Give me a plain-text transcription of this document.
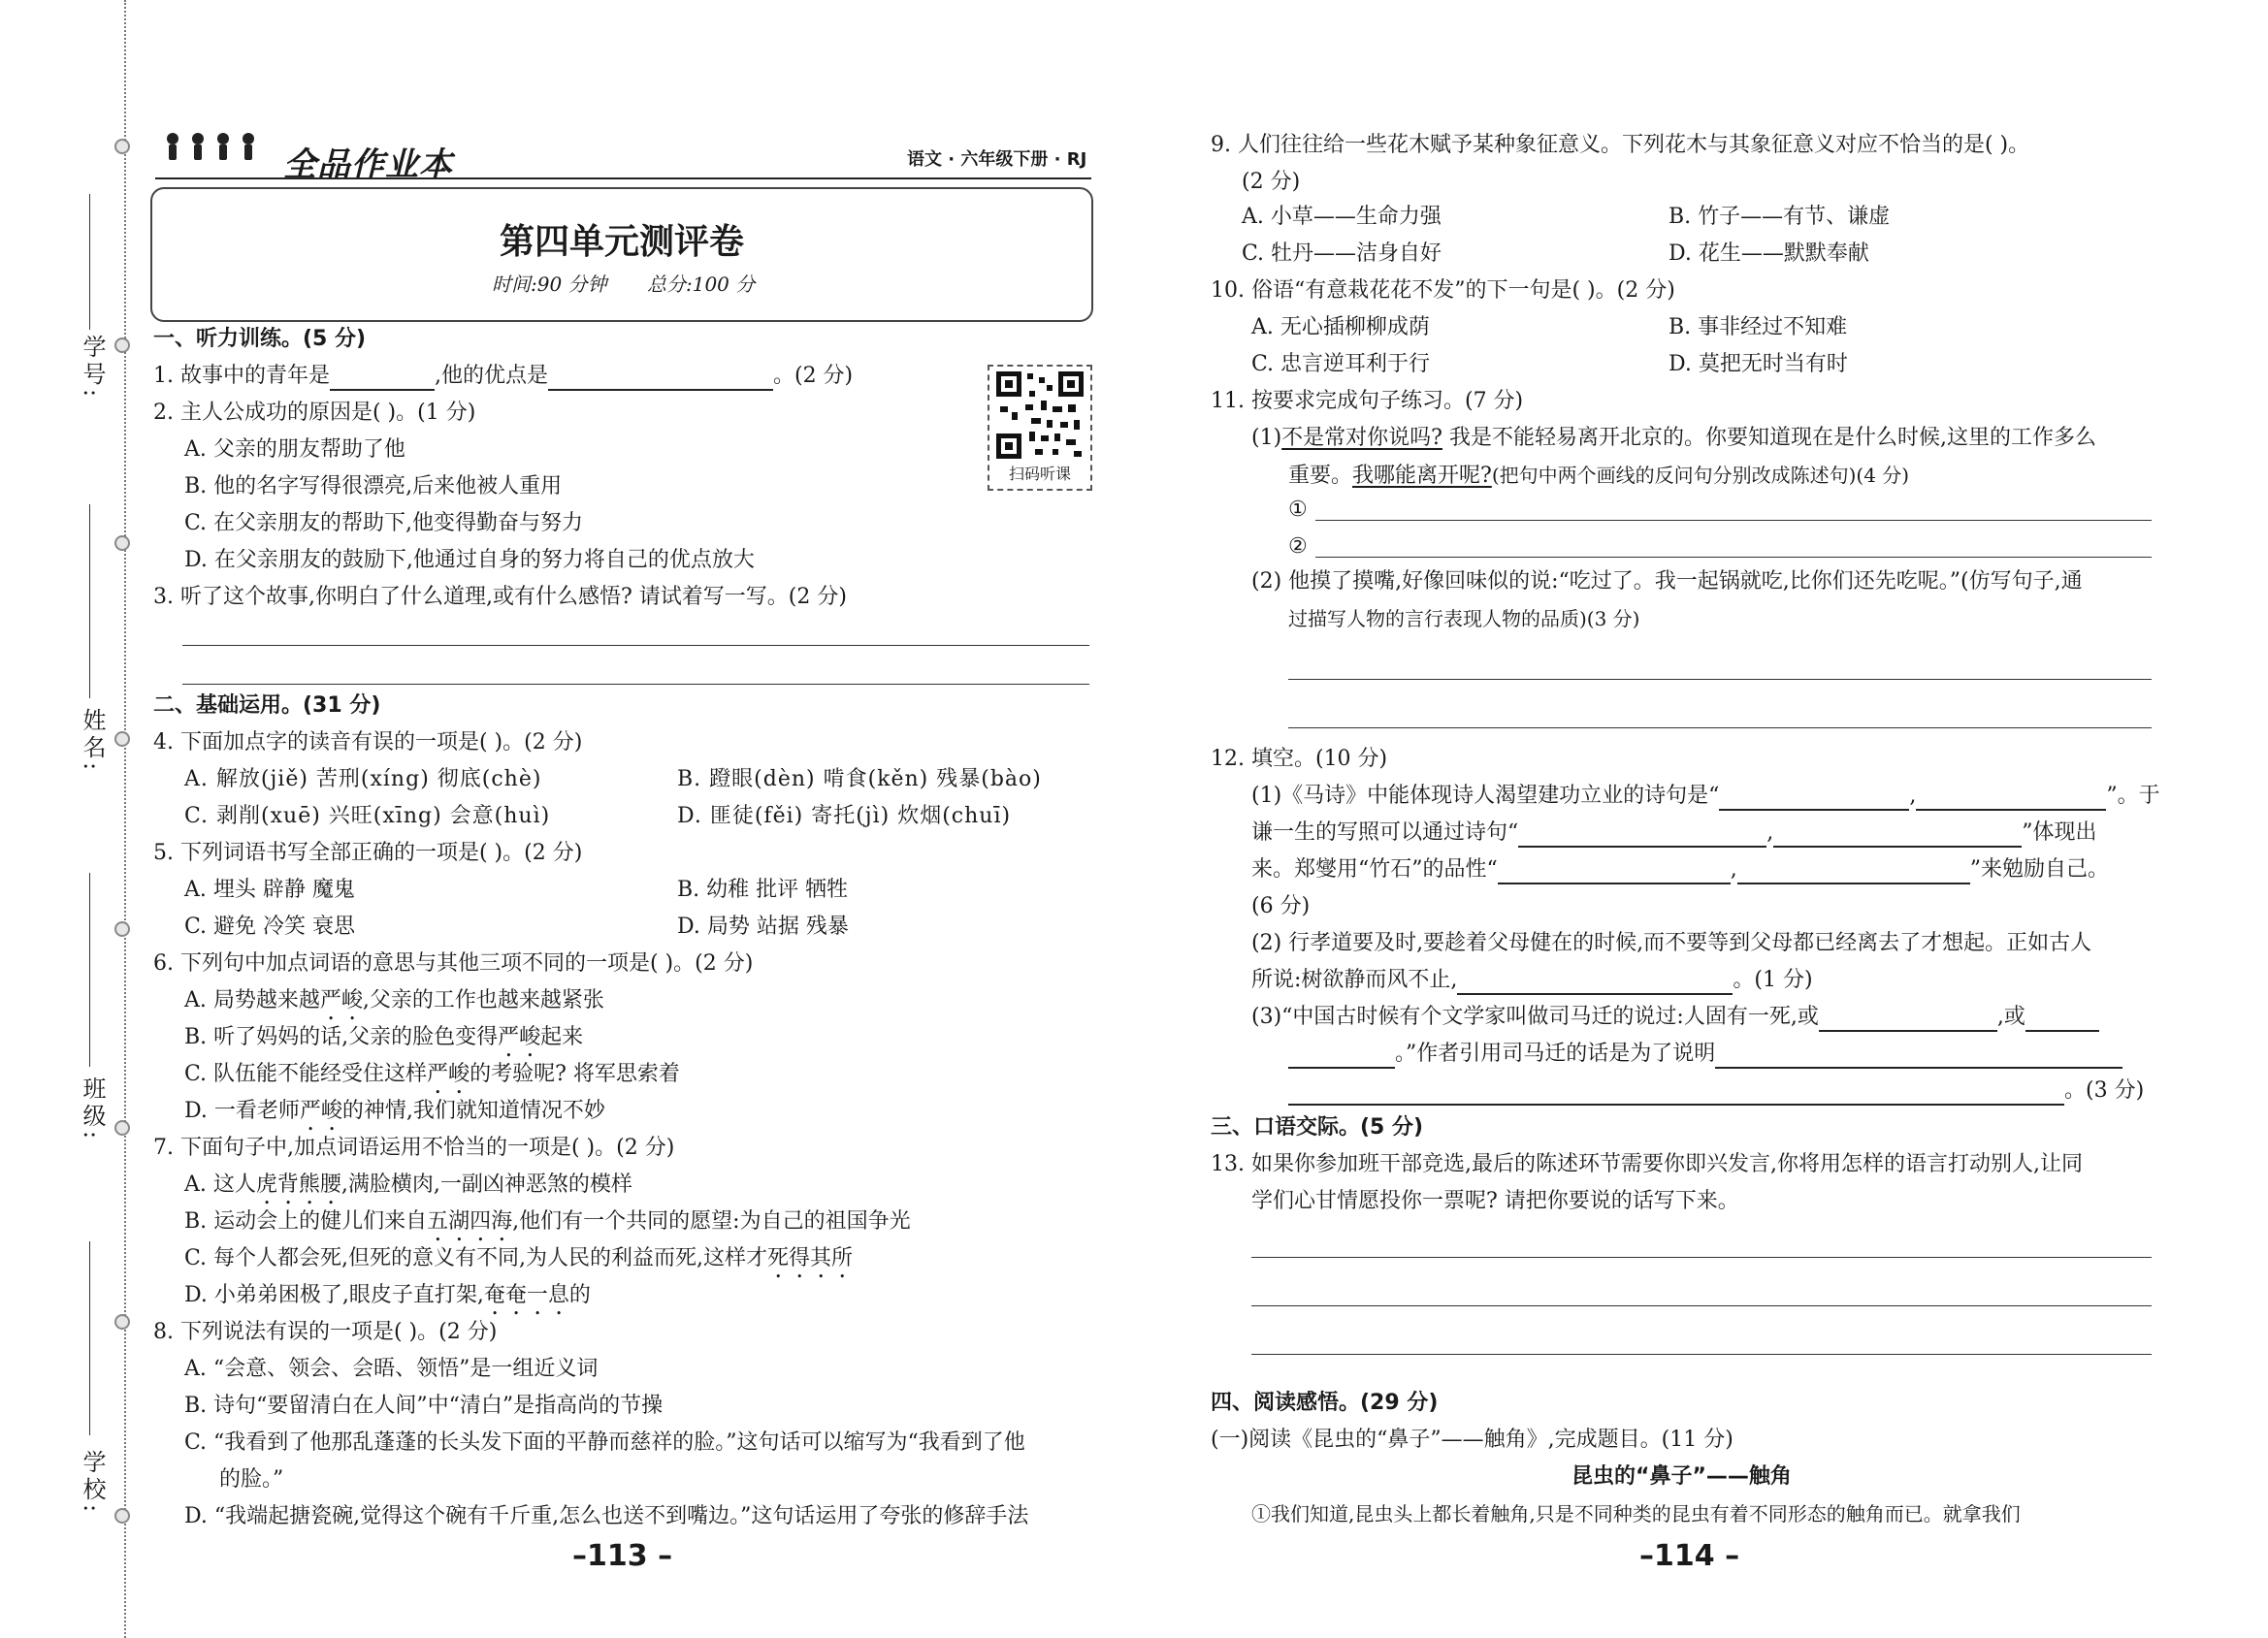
学号:
姓名:
班级:
学校:
全品作业本	语文 · 六年级下册 · RJ
第四单元测评卷
时间:90 分钟 总分:100 分
扫码听课
一、听力训练。(5 分)
1. 故事中的青年是	,他的优点是	。(2 分)
2. 主人公成功的原因是( )。(1 分)
A. 父亲的朋友帮助了他
B. 他的名字写得很漂亮,后来他被人重用
C. 在父亲朋友的帮助下,他变得勤奋与努力
D. 在父亲朋友的鼓励下,他通过自身的努力将自己的优点放大
3. 听了这个故事,你明白了什么道理,或有什么感悟? 请试着写一写。(2 分)
二、基础运用。(31 分)
4. 下面加点字的读音有误的一项是( )。(2 分)
A. 解放(jiě) 苦刑(xíng) 彻底(chè)	B. 蹬眼(dèn) 啃食(kěn) 残暴(bào)
C. 剥削(xuē) 兴旺(xīng) 会意(huì)	D. 匪徒(fěi) 寄托(jì) 炊烟(chuī)
5. 下列词语书写全部正确的一项是( )。(2 分)
A. 埋头 辟静 魔鬼	B. 幼稚 批评 牺牲
C. 避免 冷笑 衰思	D. 局势 站据 残暴
6. 下列句中加点词语的意思与其他三项不同的一项是( )。(2 分)
A. 局势越来越严峻,父亲的工作也越来越紧张
B. 听了妈妈的话,父亲的脸色变得严峻起来
C. 队伍能不能经受住这样严峻的考验呢? 将军思索着
D. 一看老师严峻的神情,我们就知道情况不妙
7. 下面句子中,加点词语运用不恰当的一项是( )。(2 分)
A. 这人虎背熊腰,满脸横肉,一副凶神恶煞的模样
B. 运动会上的健儿们来自五湖四海,他们有一个共同的愿望:为自己的祖国争光
C. 每个人都会死,但死的意义有不同,为人民的利益而死,这样才死得其所
D. 小弟弟困极了,眼皮子直打架,奄奄一息的
8. 下列说法有误的一项是( )。(2 分)
A. “会意、领会、会晤、领悟”是一组近义词
B. 诗句“要留清白在人间”中“清白”是指高尚的节操
C. “我看到了他那乱蓬蓬的长头发下面的平静而慈祥的脸。”这句话可以缩写为“我看到了他
的脸。”
D. “我端起搪瓷碗,觉得这个碗有千斤重,怎么也送不到嘴边。”这句话运用了夸张的修辞手法
–113 –
9. 人们往往给一些花木赋予某种象征意义。下列花木与其象征意义对应不恰当的是( )。
(2 分)
A. 小草——生命力强	B. 竹子——有节、谦虚
C. 牡丹——洁身自好	D. 花生——默默奉献
10. 俗语“有意栽花花不发”的下一句是( )。(2 分)
A. 无心插柳柳成荫	B. 事非经过不知难
C. 忠言逆耳利于行	D. 莫把无时当有时
11. 按要求完成句子练习。(7 分)
(1)不是常对你说吗? 我是不能轻易离开北京的。你要知道现在是什么时候,这里的工作多么
重要。我哪能离开呢?(把句中两个画线的反问句分别改成陈述句)(4 分)
①
②
(2) 他摸了摸嘴,好像回味似的说:“吃过了。我一起锅就吃,比你们还先吃呢。”(仿写句子,通
过描写人物的言行表现人物的品质)(3 分)
12. 填空。(10 分)
(1)《马诗》中能体现诗人渴望建功立业的诗句是“	,	”。于
谦一生的写照可以通过诗句“	,	”体现出
来。郑燮用“竹石”的品性“	,	”来勉励自己。
(6 分)
(2) 行孝道要及时,要趁着父母健在的时候,而不要等到父母都已经离去了才想起。正如古人
所说:树欲静而风不止,	。(1 分)
(3)“中国古时候有个文学家叫做司马迁的说过:人固有一死,或	,或
。”作者引用司马迁的话是为了说明
。(3 分)
三、口语交际。(5 分)
13. 如果你参加班干部竞选,最后的陈述环节需要你即兴发言,你将用怎样的语言打动别人,让同
学们心甘情愿投你一票呢? 请把你要说的话写下来。
四、阅读感悟。(29 分)
(一)阅读《昆虫的“鼻子”——触角》,完成题目。(11 分)
昆虫的“鼻子”——触角
①我们知道,昆虫头上都长着触角,只是不同种类的昆虫有着不同形态的触角而已。就拿我们
–114 –
